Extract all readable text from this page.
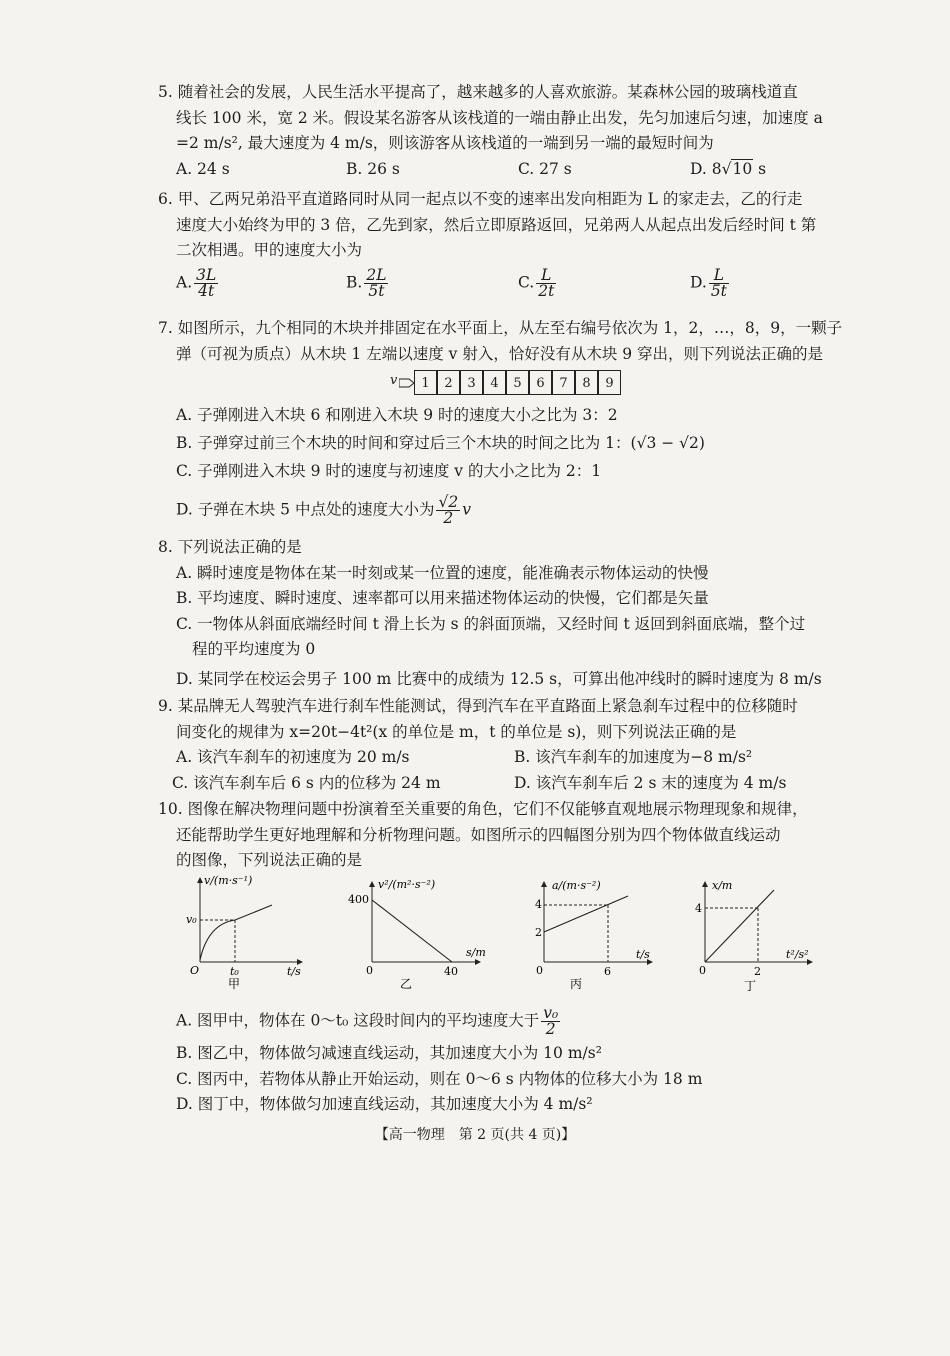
5. 随着社会的发展，人民生活水平提高了，越来越多的人喜欢旅游。某森林公园的玻璃栈道直

线长 100 米，宽 2 米。假设某名游客从该栈道的一端由静止出发，先匀加速后匀速，加速度 a

=2 m/s², 最大速度为 4 m/s，则该游客从该栈道的一端到另一端的最短时间为

A. 24 s	B. 26 s	C. 27 s	D. 8√10 s

6. 甲、乙两兄弟沿平直道路同时从同一起点以不变的速率出发向相距为 L 的家走去，乙的行走

速度大小始终为甲的 3 倍，乙先到家，然后立即原路返回，兄弟两人从起点出发后经时间 t 第

二次相遇。甲的速度大小为

A. $\frac{3L}{4t}$	B. $\frac{2L}{5t}$	C. $\frac{L}{2t}$	D. $\frac{L}{5t}$

7. 如图所示，九个相同的木块并排固定在水平面上，从左至右编号依次为 1，2，…，8，9，一颗子

弹（可视为质点）从木块 1 左端以速度 v 射入，恰好没有从木块 9 穿出，则下列说法正确的是

v	1	2	3	4	5	6	7	8	9

A. 子弹刚进入木块 6 和刚进入木块 9 时的速度大小之比为 3：2

B. 子弹穿过前三个木块的时间和穿过后三个木块的时间之比为 1：(√3 − √2)

C. 子弹刚进入木块 9 时的速度与初速度 v 的大小之比为 2：1

D. 子弹在木块 5 中点处的速度大小为 $\frac{√2}{2}$ v

8. 下列说法正确的是

A. 瞬时速度是物体在某一时刻或某一位置的速度，能准确表示物体运动的快慢

B. 平均速度、瞬时速度、速率都可以用来描述物体运动的快慢，它们都是矢量

C. 一物体从斜面底端经时间 t 滑上长为 s 的斜面顶端，又经时间 t 返回到斜面底端，整个过

程的平均速度为 0

D. 某同学在校运会男子 100 m 比赛中的成绩为 12.5 s，可算出他冲线时的瞬时速度为 8 m/s

9. 某品牌无人驾驶汽车进行刹车性能测试，得到汽车在平直路面上紧急刹车过程中的位移随时

间变化的规律为 x=20t−4t²(x 的单位是 m，t 的单位是 s)，则下列说法正确的是

A. 该汽车刹车的初速度为 20 m/s	B. 该汽车刹车的加速度为−8 m/s²
C. 该汽车刹车后 6 s 内的位移为 24 m	D. 该汽车刹车后 2 s 末的速度为 4 m/s

10. 图像在解决物理问题中扮演着至关重要的角色，它们不仅能够直观地展示物理现象和规律，

还能帮助学生更好地理解和分析物理问题。如图所示的四幅图分别为四个物体做直线运动

的图像，下列说法正确的是

v/(m·s⁻¹)
v₀
t₀
O	t/s
甲
v²/(m²·s⁻²)
400
40
0
s/m
乙
a/(m·s⁻²)
4
2
6
0
t/s
丙
x/m
4
2
0
t²/s²
丁

A. 图甲中，物体在 0～t₀ 这段时间内的平均速度大于 $\frac{\text{v₀}}{2}$

B. 图乙中，物体做匀减速直线运动，其加速度大小为 10 m/s²

C. 图丙中，若物体从静止开始运动，则在 0～6 s 内物体的位移大小为 18 m

D. 图丁中，物体做匀加速直线运动，其加速度大小为 4 m/s²

【高一物理　第 2 页(共 4 页)】
